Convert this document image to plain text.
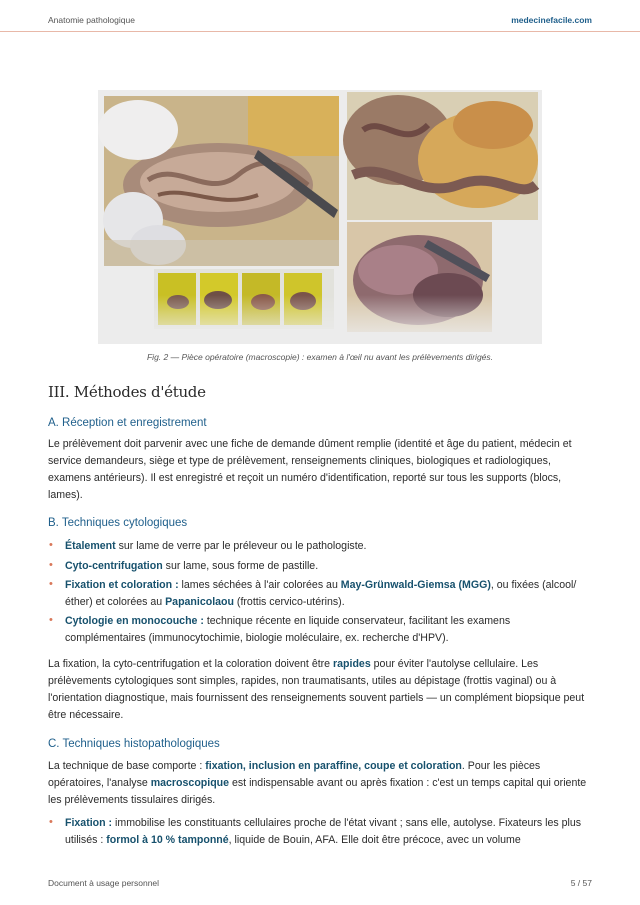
Anatomie pathologique	medecinefacile.com
Fig. 2 — Pièce opératoire (macroscopie) : examen à l'œil nu avant les prélèvements dirigés.
III. Méthodes d'étude
A. Réception et enregistrement
Le prélèvement doit parvenir avec une fiche de demande dûment remplie (identité et âge du patient, médecin et service demandeurs, siège et type de prélèvement, renseignements cliniques, biologiques et radiologiques, examens antérieurs). Il est enregistré et reçoit un numéro d'identification, reporté sur tous les supports (blocs, lames).
B. Techniques cytologiques
• Étalement sur lame de verre par le préleveur ou le pathologiste.
• Cyto-centrifugation sur lame, sous forme de pastille.
• Fixation et coloration : lames séchées à l'air colorées au May-Grünwald-Giemsa (MGG), ou fixées (alcool/éther) et colorées au Papanicolaou (frottis cervico-utérins).
• Cytologie en monocouche : technique récente en liquide conservateur, facilitant les examens complémentaires (immunocytochimie, biologie moléculaire, ex. recherche d'HPV).
La fixation, la cyto-centrifugation et la coloration doivent être rapides pour éviter l'autolyse cellulaire. Les prélèvements cytologiques sont simples, rapides, non traumatisants, utiles au dépistage (frottis vaginal) ou à l'orientation diagnostique, mais fournissent des renseignements souvent partiels — un complément biopsique peut être nécessaire.
C. Techniques histopathologiques
La technique de base comporte : fixation, inclusion en paraffine, coupe et coloration. Pour les pièces opératoires, l'analyse macroscopique est indispensable avant ou après fixation : c'est un temps capital qui oriente les prélèvements tissulaires dirigés.
• Fixation : immobilise les constituants cellulaires proche de l'état vivant ; sans elle, autolyse. Fixateurs les plus utilisés : formol à 10 % tamponné, liquide de Bouin, AFA. Elle doit être précoce, avec un volume
Document à usage personnel	5 / 57
